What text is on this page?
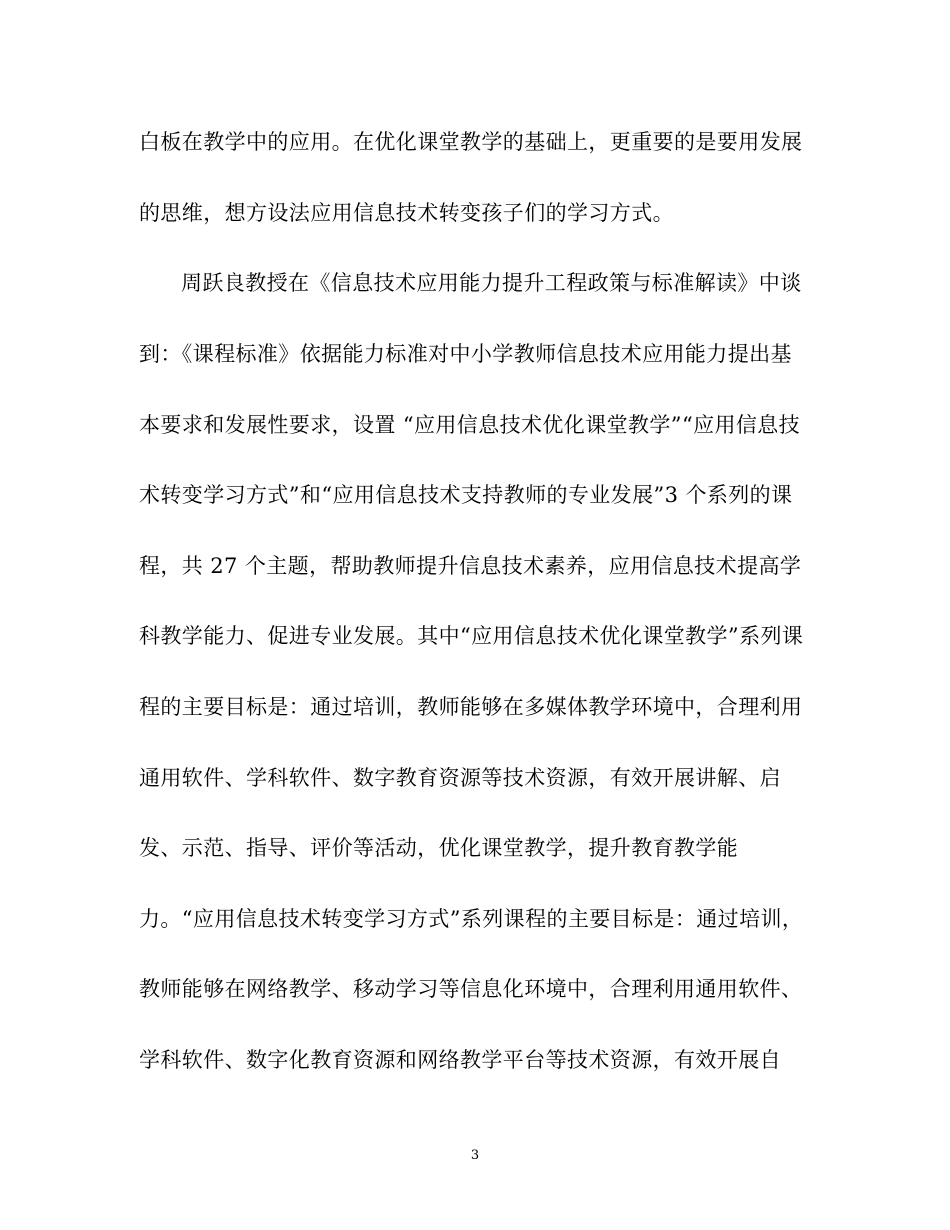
白板在教学中的应用。在优化课堂教学的基础上，更重要的是要用发展
的思维，想方设法应用信息技术转变孩子们的学习方式。
周跃良教授在《信息技术应用能力提升工程政策与标准解读》中谈
到：《课程标准》依据能力标准对中小学教师信息技术应用能力提出基
本要求和发展性要求，设置 “应用信息技术优化课堂教学”“应用信息技
术转变学习方式”和“应用信息技术支持教师的专业发展”3 个系列的课
程，共 27 个主题，帮助教师提升信息技术素养，应用信息技术提高学
科教学能力、促进专业发展。其中“应用信息技术优化课堂教学”系列课
程的主要目标是：通过培训，教师能够在多媒体教学环境中，合理利用
通用软件、学科软件、数字教育资源等技术资源，有效开展讲解、启
发、示范、指导、评价等活动，优化课堂教学，提升教育教学能
力。“应用信息技术转变学习方式”系列课程的主要目标是：通过培训，
教师能够在网络教学、移动学习等信息化环境中，合理利用通用软件、
学科软件、数字化教育资源和网络教学平台等技术资源，有效开展自
3
